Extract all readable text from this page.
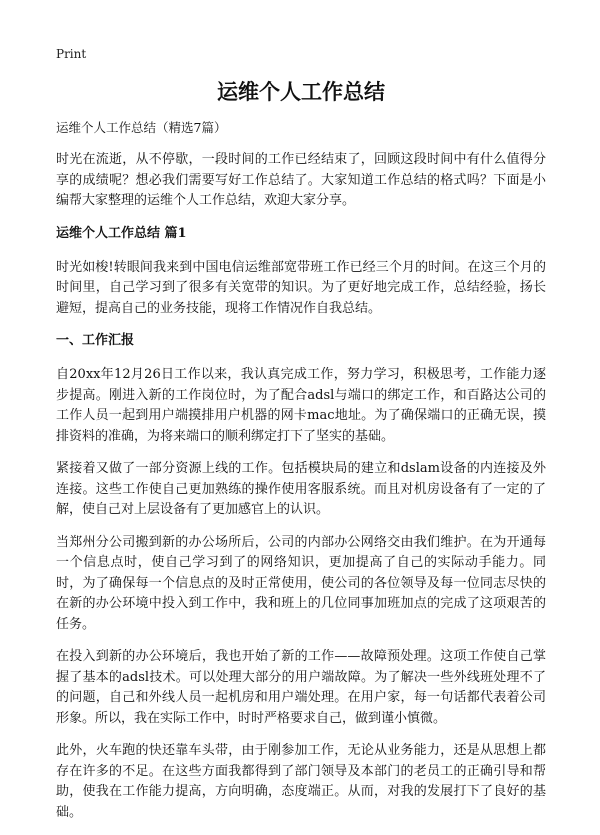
Print
运维个人工作总结
运维个人工作总结（精选7篇）

时光在流逝，从不停歇，一段时间的工作已经结束了，回顾这段时间中有什么值得分享的成绩呢？想必我们需要写好工作总结了。大家知道工作总结的格式吗？下面是小编帮大家整理的运维个人工作总结，欢迎大家分享。

运维个人工作总结 篇1

时光如梭!转眼间我来到中国电信运维部宽带班工作已经三个月的时间。在这三个月的时间里，自己学习到了很多有关宽带的知识。为了更好地完成工作，总结经验，扬长避短，提高自己的业务技能，现将工作情况作自我总结。

一、工作汇报

自20xx年12月26日工作以来，我认真完成工作，努力学习，积极思考，工作能力逐步提高。刚进入新的工作岗位时，为了配合adsl与端口的绑定工作，和百路达公司的工作人员一起到用户端摸排用户机器的网卡mac地址。为了确保端口的正确无误，摸排资料的准确，为将来端口的顺利绑定打下了坚实的基础。

紧接着又做了一部分资源上线的工作。包括模块局的建立和dslam设备的内连接及外连接。这些工作使自己更加熟练的操作使用客服系统。而且对机房设备有了一定的了解，使自己对上层设备有了更加感官上的认识。

当郑州分公司搬到新的办公场所后，公司的内部办公网络交由我们维护。在为开通每一个信息点时，使自己学习到了的网络知识，更加提高了自己的实际动手能力。同时，为了确保每一个信息点的及时正常使用，使公司的各位领导及每一位同志尽快的在新的办公环境中投入到工作中，我和班上的几位同事加班加点的完成了这项艰苦的任务。

在投入到新的办公环境后，我也开始了新的工作——故障预处理。这项工作使自己掌握了基本的adsl技术。可以处理大部分的用户端故障。为了解决一些外线班处理不了的问题，自己和外线人员一起机房和用户端处理。在用户家，每一句话都代表着公司形象。所以，我在实际工作中，时时严格要求自己，做到谨小慎微。

此外，火车跑的快还靠车头带，由于刚参加工作，无论从业务能力，还是从思想上都存在许多的不足。在这些方面我都得到了部门领导及本部门的老员工的正确引导和帮助，使我在工作能力提高，方向明确，态度端正。从而，对我的发展打下了良好的基础。
